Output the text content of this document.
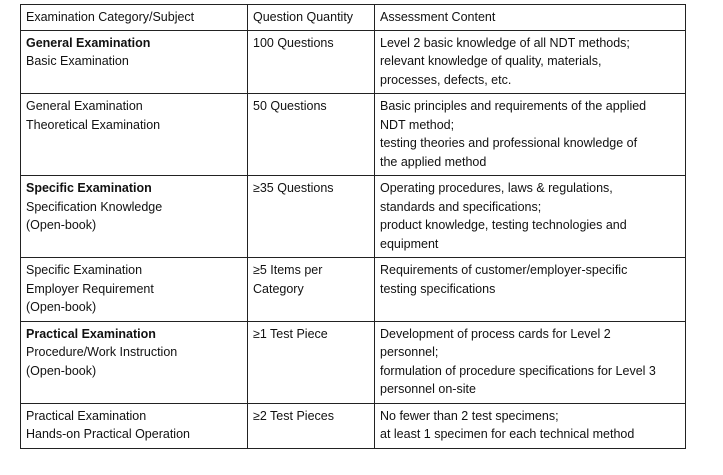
Examination Category/Subject	Question Quantity	Assessment Content

General Examination
Basic Examination	100 Questions	Level 2 basic knowledge of all NDT methods;
relevant knowledge of quality, materials,
processes, defects, etc.

General Examination
Theoretical Examination	50 Questions	Basic principles and requirements of the applied
NDT method;
testing theories and professional knowledge of
the applied method

Specific Examination
Specification Knowledge
(Open-book)	≥35 Questions	Operating procedures, laws & regulations,
standards and specifications;
product knowledge, testing technologies and
equipment

Specific Examination
Employer Requirement
(Open-book)	≥5 Items per
Category	Requirements of customer/employer-specific
testing specifications

Practical Examination
Procedure/Work Instruction
(Open-book)	≥1 Test Piece	Development of process cards for Level 2
personnel;
formulation of procedure specifications for Level 3
personnel on-site

Practical Examination
Hands-on Practical Operation	≥2 Test Pieces	No fewer than 2 test specimens;
at least 1 specimen for each technical method
